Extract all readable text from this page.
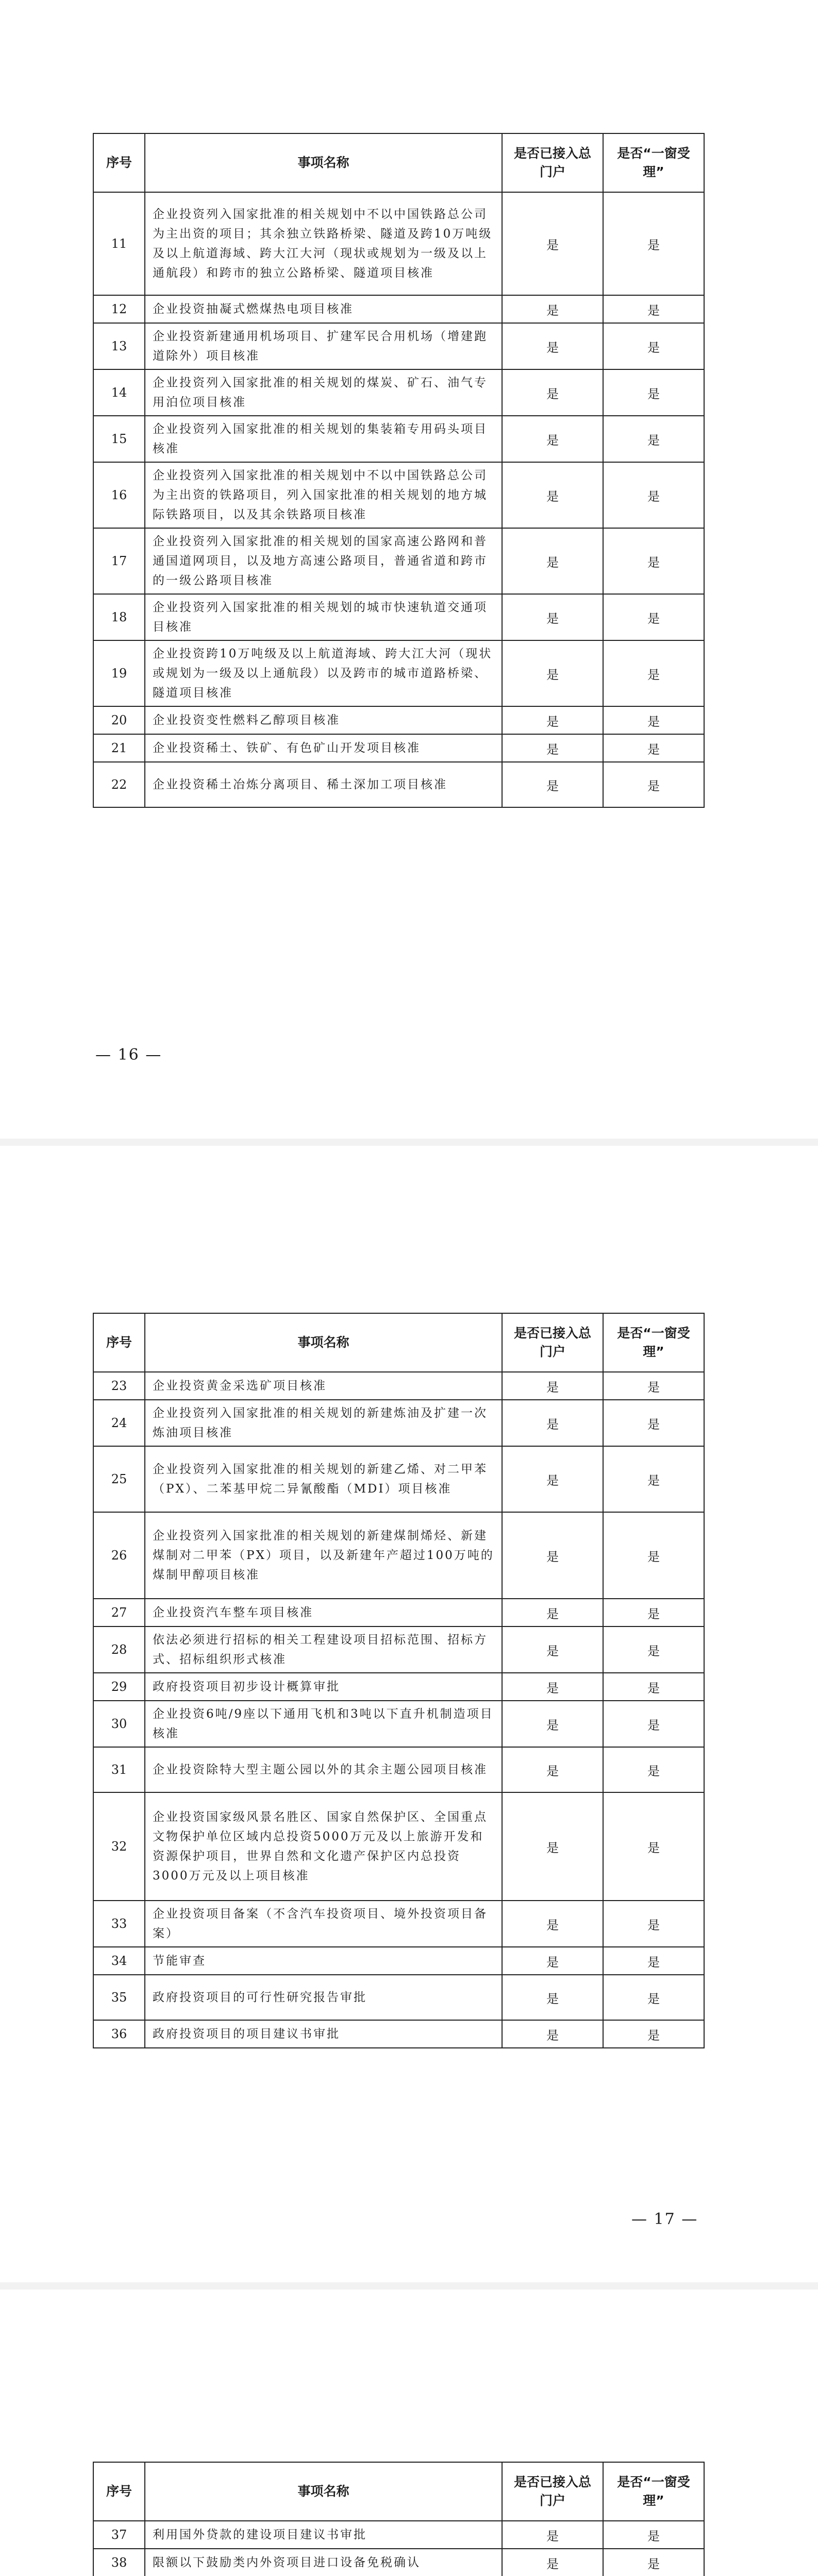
序号	事项名称	是否已接入总门户	是否“一窗受理”
11	企业投资列入国家批准的相关规划中不以中国铁路总公司为主出资的项目；其余独立铁路桥梁、隧道及跨10万吨级及以上航道海域、跨大江大河（现状或规划为一级及以上通航段）和跨市的独立公路桥梁、隧道项目核准	是	是
12	企业投资抽凝式燃煤热电项目核准	是	是
13	企业投资新建通用机场项目、扩建军民合用机场（增建跑道除外）项目核准	是	是
14	企业投资列入国家批准的相关规划的煤炭、矿石、油气专用泊位项目核准	是	是
15	企业投资列入国家批准的相关规划的集装箱专用码头项目核准	是	是
16	企业投资列入国家批准的相关规划中不以中国铁路总公司为主出资的铁路项目，列入国家批准的相关规划的地方城际铁路项目，以及其余铁路项目核准	是	是
17	企业投资列入国家批准的相关规划的国家高速公路网和普通国道网项目，以及地方高速公路项目，普通省道和跨市的一级公路项目核准	是	是
18	企业投资列入国家批准的相关规划的城市快速轨道交通项目核准	是	是
19	企业投资跨10万吨级及以上航道海域、跨大江大河（现状或规划为一级及以上通航段）以及跨市的城市道路桥梁、隧道项目核准	是	是
20	企业投资变性燃料乙醇项目核准	是	是
21	企业投资稀土、铁矿、有色矿山开发项目核准	是	是
22	企业投资稀土冶炼分离项目、稀土深加工项目核准	是	是
— 16 —
序号	事项名称	是否已接入总门户	是否“一窗受理”
23	企业投资黄金采选矿项目核准	是	是
24	企业投资列入国家批准的相关规划的新建炼油及扩建一次炼油项目核准	是	是
25	企业投资列入国家批准的相关规划的新建乙烯、对二甲苯（PX）、二苯基甲烷二异氰酸酯（MDI）项目核准	是	是
26	企业投资列入国家批准的相关规划的新建煤制烯烃、新建煤制对二甲苯（PX）项目，以及新建年产超过100万吨的煤制甲醇项目核准	是	是
27	企业投资汽车整车项目核准	是	是
28	依法必须进行招标的相关工程建设项目招标范围、招标方式、招标组织形式核准	是	是
29	政府投资项目初步设计概算审批	是	是
30	企业投资6吨/9座以下通用飞机和3吨以下直升机制造项目核准	是	是
31	企业投资除特大型主题公园以外的其余主题公园项目核准	是	是
32	企业投资国家级风景名胜区、国家自然保护区、全国重点文物保护单位区域内总投资5000万元及以上旅游开发和资源保护项目，世界自然和文化遗产保护区内总投资3000万元及以上项目核准	是	是
33	企业投资项目备案（不含汽车投资项目、境外投资项目备案）	是	是
34	节能审查	是	是
35	政府投资项目的可行性研究报告审批	是	是
36	政府投资项目的项目建议书审批	是	是
— 17 —
序号	事项名称	是否已接入总门户	是否“一窗受理”
37	利用国外贷款的建设项目建议书审批	是	是
38	限额以下鼓励类内外资项目进口设备免税确认	是	是
